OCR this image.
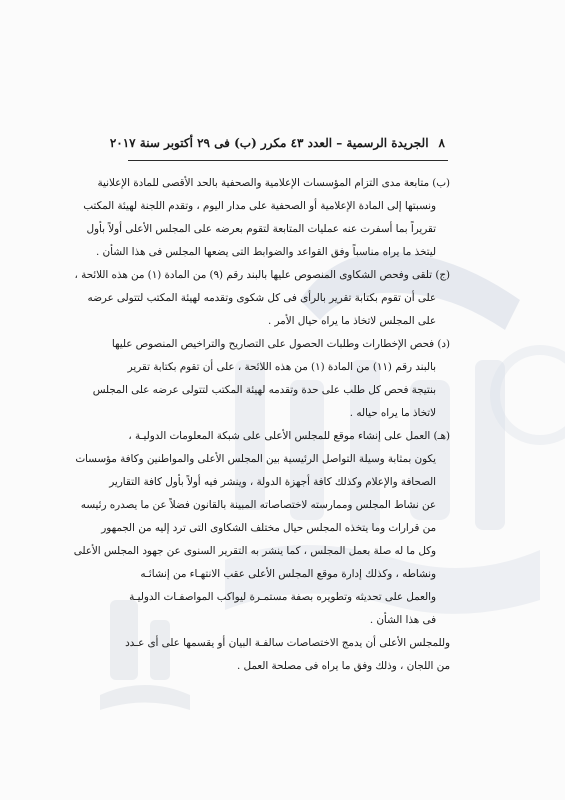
٨
الجريدة الرسمية – العدد ٤٣ مكرر (ب) فى ٢٩ أكتوبر سنة ٢٠١٧
(ب) متابعة مدى التزام المؤسسات الإعلامية والصحفية بالحد الأقصى للمادة الإعلانية
ونسبتها إلى المادة الإعلامية أو الصحفية على مدار اليوم ، وتقدم اللجنة لهيئة المكتب
تقريراً بما أسفرت عنه عمليات المتابعة لتقوم بعرضه على المجلس الأعلى أولاً بأول
ليتخذ ما يراه مناسباً وفق القواعد والضوابط التى يضعها المجلس فى هذا الشأن .
(ج) تلقى وفحص الشكاوى المنصوص عليها بالبند رقم (٩) من المادة (١) من هذه اللائحة ،
على أن تقوم بكتابة تقرير بالرأى فى كل شكوى وتقدمه لهيئة المكتب لتتولى عرضه
على المجلس لاتخاذ ما يراه حيال الأمر .
(د) فحص الإخطارات وطلبات الحصول على التصاريح والتراخيص المنصوص عليها
بالبند رقم (١١) من المادة (١) من هذه اللائحة ، على أن تقوم بكتابة تقرير
بنتيجة فحص كل طلب على حدة وتقدمه لهيئة المكتب لتتولى عرضه على المجلس
لاتخاذ ما يراه حياله .
(هـ) العمل على إنشاء موقع للمجلس الأعلى على شبكة المعلومات الدوليـة ،
يكون بمثابة وسيلة التواصل الرئيسية بين المجلس الأعلى والمواطنين وكافة مؤسسات
الصحافة والإعلام وكذلك كافة أجهزة الدولة ، وينشر فيه أولاً بأول كافة التقارير
عن نشاط المجلس وممارسته لاختصاصاته المبينة بالقانون فضلاً عن ما يصدره رئيسه
من قرارات وما يتخذه المجلس حيال مختلف الشكاوى التى ترد إليه من الجمهور
وكل ما له صلة بعمل المجلس ، كما ينشر به التقرير السنوى عن جهود المجلس الأعلى
ونشاطه ، وكذلك إدارة موقع المجلس الأعلى عقب الانتهـاء من إنشائـه
والعمل على تحديثه وتطويره بصفة مستمـرة ليواكب المواصفـات الدوليـة
فى هذا الشأن .
وللمجلس الأعلى أن يدمج الاختصاصات سالفـة البيان أو يقسمها على أى عـدد
من اللجان ، وذلك وفق ما يراه فى مصلحة العمل .
